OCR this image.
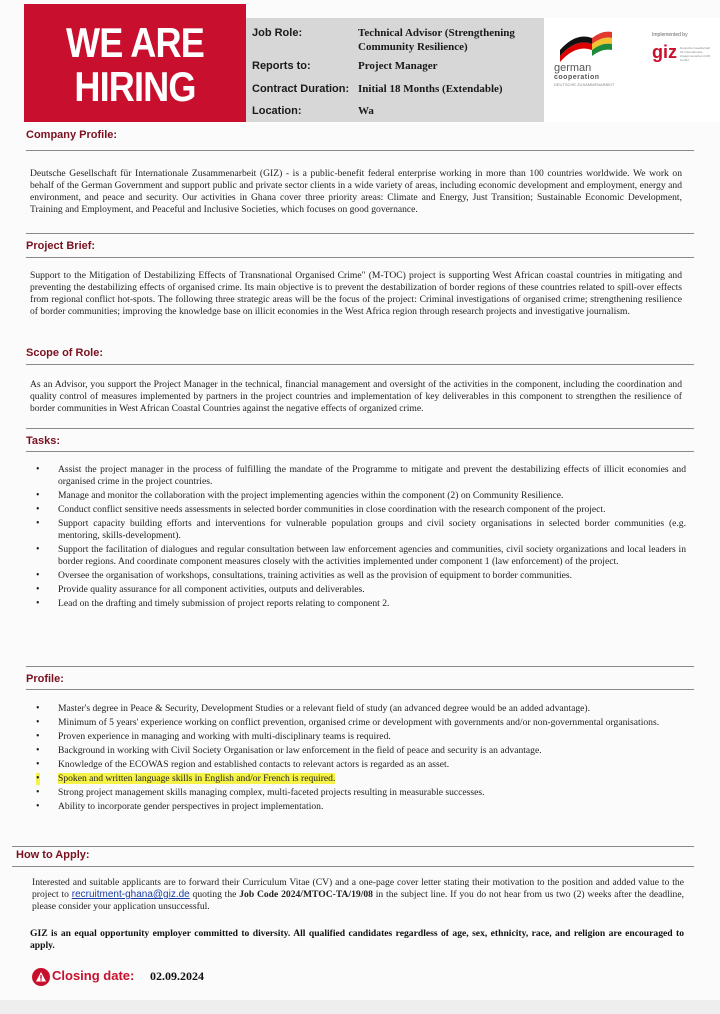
WE ARE
HIRING
Job Role:	Technical Advisor (Strengthening Community Resilience)
Reports to:	Project Manager
Contract Duration: Initial 18 Months (Extendable)
Location:	Wa
german
cooperation
DEUTSCHE ZUSAMMENARBEIT
Implemented by
giz Deutsche Gesellschaft für Internationale Zusammenarbeit (GIZ) GmbH
Company Profile:
Deutsche Gesellschaft für Internationale Zusammenarbeit (GIZ) - is a public-benefit federal enterprise working in more than 100 countries worldwide. We work on behalf of the German Government and support public and private sector clients in a wide variety of areas, including economic development and employment, energy and environment, and peace and security. Our activities in Ghana cover three priority areas: Climate and Energy, Just Transition; Sustainable Economic Development, Training and Employment, and Peaceful and Inclusive Societies, which focuses on good governance.
Project Brief:
Support to the Mitigation of Destabilizing Effects of Transnational Organised Crime" (M-TOC) project is supporting West African coastal countries in mitigating and preventing the destabilizing effects of organised crime. Its main objective is to prevent the destabilization of border regions of these countries related to spill-over effects from regional conflict hot-spots. The following three strategic areas will be the focus of the project: Criminal investigations of organised crime; strengthening resilience of border communities; improving the knowledge base on illicit economies in the West Africa region through research projects and investigative journalism.
Scope of Role:
As an Advisor, you support the Project Manager in the technical, financial management and oversight of the activities in the component, including the coordination and quality control of measures implemented by partners in the project countries and implementation of key deliverables in this component to strengthen the resilience of border communities in West African Coastal Countries against the negative effects of organized crime.
Tasks:
• Assist the project manager in the process of fulfilling the mandate of the Programme to mitigate and prevent the destabilizing effects of illicit economies and organised crime in the project countries.
• Manage and monitor the collaboration with the project implementing agencies within the component (2) on Community Resilience.
• Conduct conflict sensitive needs assessments in selected border communities in close coordination with the research component of the project.
• Support capacity building efforts and interventions for vulnerable population groups and civil society organisations in selected border communities (e.g. mentoring, skills-development).
• Support the facilitation of dialogues and regular consultation between law enforcement agencies and communities, civil society organizations and local leaders in border regions. And coordinate component measures closely with the activities implemented under component 1 (law enforcement) of the project.
• Oversee the organisation of workshops, consultations, training activities as well as the provision of equipment to border communities.
• Provide quality assurance for all component activities, outputs and deliverables.
• Lead on the drafting and timely submission of project reports relating to component 2.
Profile:
• Master's degree in Peace & Security, Development Studies or a relevant field of study (an advanced degree would be an added advantage).
• Minimum of 5 years' experience working on conflict prevention, organised crime or development with governments and/or non-governmental organisations.
• Proven experience in managing and working with multi-disciplinary teams is required.
• Background in working with Civil Society Organisation or law enforcement in the field of peace and security is an advantage.
• Knowledge of the ECOWAS region and established contacts to relevant actors is regarded as an asset.
• Spoken and written language skills in English and/or French is required.
• Strong project management skills managing complex, multi-faceted projects resulting in measurable successes.
• Ability to incorporate gender perspectives in project implementation.
How to Apply:
Interested and suitable applicants are to forward their Curriculum Vitae (CV) and a one-page cover letter stating their motivation to the position and added value to the project to recruitment-ghana@giz.de quoting the Job Code 2024/MTOC-TA/19/08 in the subject line. If you do not hear from us two (2) weeks after the deadline, please consider your application unsuccessful.
GIZ is an equal opportunity employer committed to diversity. All qualified candidates regardless of age, sex, ethnicity, race, and religion are encouraged to apply.
Closing date: 02.09.2024
